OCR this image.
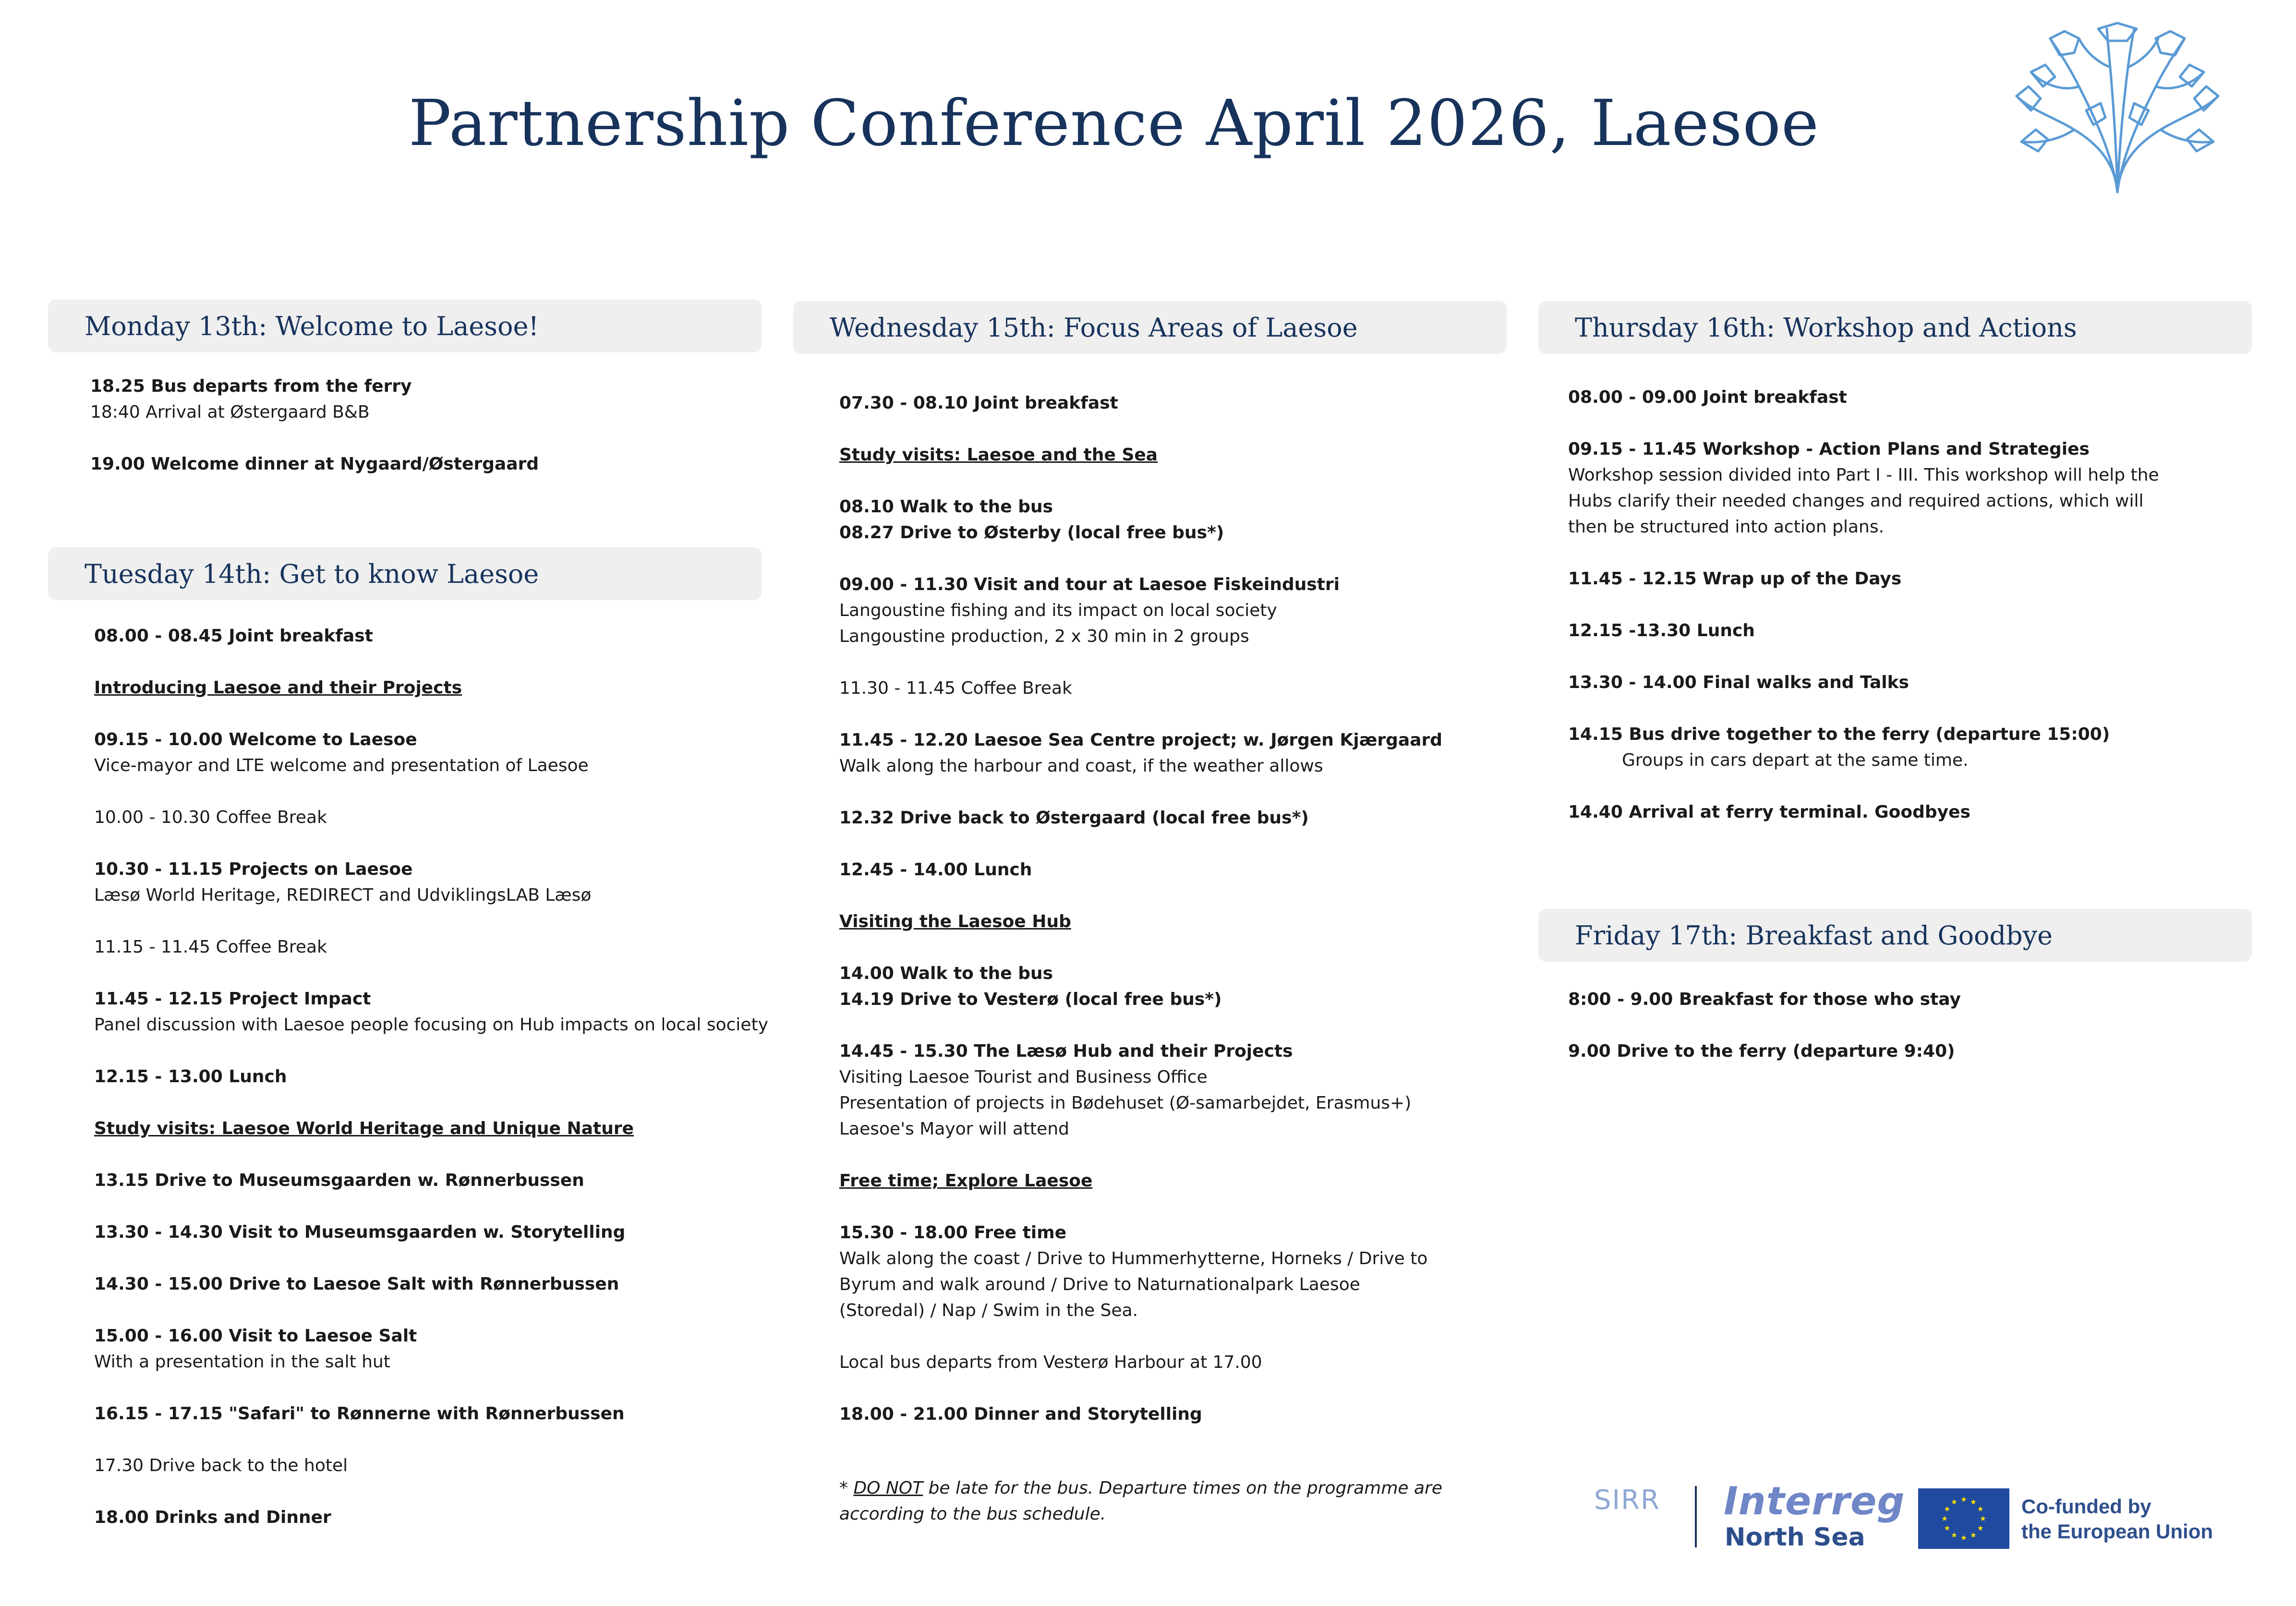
Partnership Conference April 2026, Laesoe
Monday 13th: Welcome to Laesoe!
18.25 Bus departs from the ferry
18:40 Arrival at Østergaard B&B
19.00 Welcome dinner at Nygaard/Østergaard
Tuesday 14th: Get to know Laesoe
08.00 - 08.45 Joint breakfast
Introducing Laesoe and their Projects
09.15 - 10.00 Welcome to Laesoe
Vice-mayor and LTE welcome and presentation of Laesoe
10.00 - 10.30 Coffee Break
10.30 - 11.15 Projects on Laesoe
Læsø World Heritage, REDIRECT and UdviklingsLAB Læsø
11.15 - 11.45 Coffee Break
11.45 - 12.15 Project Impact
Panel discussion with Laesoe people focusing on Hub impacts on local society
12.15 - 13.00 Lunch
Study visits: Laesoe World Heritage and Unique Nature
13.15 Drive to Museumsgaarden w. Rønnerbussen
13.30 - 14.30 Visit to Museumsgaarden w. Storytelling
14.30 - 15.00 Drive to Laesoe Salt with Rønnerbussen
15.00 - 16.00 Visit to Laesoe Salt
With a presentation in the salt hut
16.15 - 17.15 "Safari" to Rønnerne with Rønnerbussen
17.30 Drive back to the hotel
18.00 Drinks and Dinner
Wednesday 15th: Focus Areas of Laesoe
07.30 - 08.10 Joint breakfast
Study visits: Laesoe and the Sea
08.10 Walk to the bus
08.27 Drive to Østerby (local free bus*)
09.00 - 11.30 Visit and tour at Laesoe Fiskeindustri
Langoustine fishing and its impact on local society
Langoustine production, 2 x 30 min in 2 groups
11.30 - 11.45 Coffee Break
11.45 - 12.20 Laesoe Sea Centre project; w. Jørgen Kjærgaard
Walk along the harbour and coast, if the weather allows
12.32 Drive back to Østergaard (local free bus*)
12.45 - 14.00 Lunch
Visiting the Laesoe Hub
14.00 Walk to the bus
14.19 Drive to Vesterø (local free bus*)
14.45 - 15.30 The Læsø Hub and their Projects
Visiting Laesoe Tourist and Business Office
Presentation of projects in Bødehuset (Ø-samarbejdet, Erasmus+)
Laesoe's Mayor will attend
Free time; Explore Laesoe
15.30 - 18.00 Free time
Walk along the coast / Drive to Hummerhytterne, Horneks / Drive to
Byrum and walk around / Drive to Naturnationalpark Laesoe
(Storedal) / Nap / Swim in the Sea.
Local bus departs from Vesterø Harbour at 17.00
18.00 - 21.00 Dinner and Storytelling
* DO NOT be late for the bus. Departure times on the programme are
according to the bus schedule.
Thursday 16th: Workshop and Actions
08.00 - 09.00 Joint breakfast
09.15 - 11.45 Workshop - Action Plans and Strategies
Workshop session divided into Part I - III. This workshop will help the
Hubs clarify their needed changes and required actions, which will
then be structured into action plans.
11.45 - 12.15 Wrap up of the Days
12.15 -13.30 Lunch
13.30 - 14.00 Final walks and Talks
14.15 Bus drive together to the ferry (departure 15:00)
Groups in cars depart at the same time.
14.40 Arrival at ferry terminal. Goodbyes
Friday 17th: Breakfast and Goodbye
8:00 - 9.00 Breakfast for those who stay
9.00 Drive to the ferry (departure 9:40)
SIRR Interreg
North Sea
Co-funded by
the European Union
